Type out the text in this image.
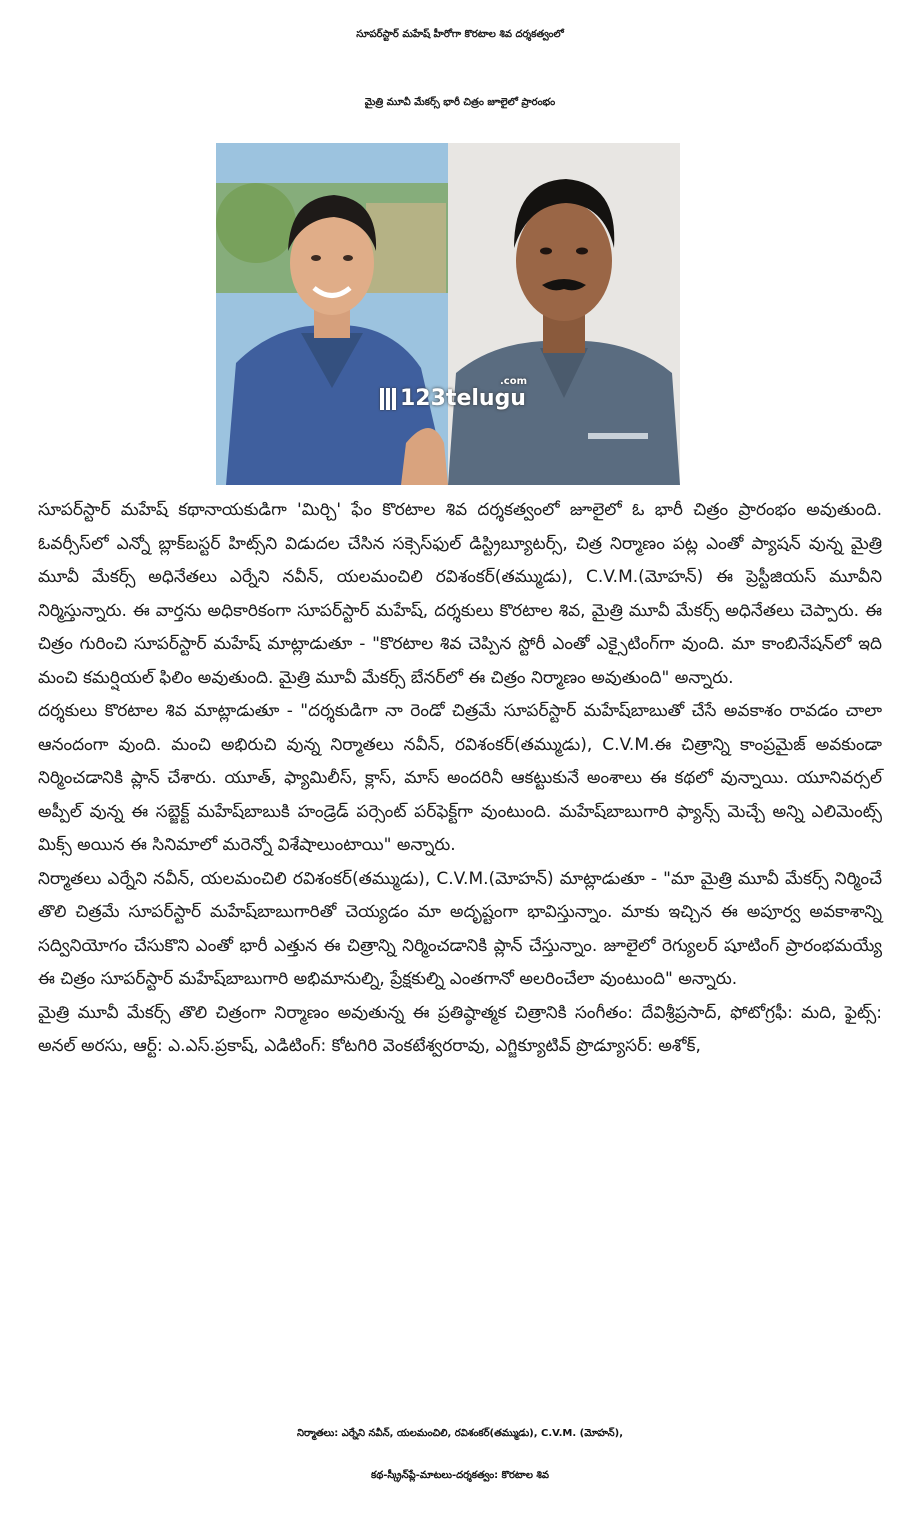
సూపర్‌స్టార్ మహేష్ హీరోగా కొరటాల శివ దర్శకత్వంలో
మైత్రి మూవీ మేకర్స్ భారీ చిత్రం జూలైలో ప్రారంభం
123telugu
.com

సూపర్‌స్టార్ మహేష్ కథానాయకుడిగా 'మిర్చి' ఫేం కొరటాల శివ దర్శకత్వంలో జూలైలో ఓ భారీ చిత్రం ప్రారంభం అవుతుంది. ఓవర్సీస్‌లో ఎన్నో బ్లాక్‌బస్టర్ హిట్స్‌ని విడుదల చేసిన సక్సెస్‌ఫుల్ డిస్ట్రిబ్యూటర్స్, చిత్ర నిర్మాణం పట్ల ఎంతో ప్యాషన్ వున్న మైత్రి మూవీ మేకర్స్ అధినేతలు ఎర్నేని నవీన్, యలమంచిలి రవిశంకర్(తమ్ముడు), C.V.M.(మోహన్) ఈ ప్రెస్టీజియస్ మూవీని నిర్మిస్తున్నారు. ఈ వార్తను అధికారికంగా సూపర్‌స్టార్ మహేష్, దర్శకులు కొరటాల శివ, మైత్రి మూవీ మేకర్స్ అధినేతలు చెప్పారు. ఈ చిత్రం గురించి సూపర్‌స్టార్ మహేష్ మాట్లాడుతూ - "కొరటాల శివ చెప్పిన స్టోరీ ఎంతో ఎక్సైటింగ్‌గా వుంది. మా కాంబినేషన్‌లో ఇది మంచి కమర్షియల్ ఫిలిం అవుతుంది. మైత్రి మూవీ మేకర్స్ బేనర్‌లో ఈ చిత్రం నిర్మాణం అవుతుంది" అన్నారు.

దర్శకులు కొరటాల శివ మాట్లాడుతూ - "దర్శకుడిగా నా రెండో చిత్రమే సూపర్‌స్టార్ మహేష్‌బాబుతో చేసే అవకాశం రావడం చాలా ఆనందంగా వుంది. మంచి అభిరుచి వున్న నిర్మాతలు నవీన్, రవిశంకర్(తమ్ముడు), C.V.M.ఈ చిత్రాన్ని కాంప్రమైజ్ అవకుండా నిర్మించడానికి ప్లాన్ చేశారు. యూత్, ఫ్యామిలీస్, క్లాస్, మాస్ అందరినీ ఆకట్టుకునే అంశాలు ఈ కథలో వున్నాయి. యూనివర్సల్ అప్పీల్ వున్న ఈ సబ్జెక్ట్ మహేష్‌బాబుకి హండ్రెడ్ పర్సెంట్ పర్‌ఫెక్ట్‌గా వుంటుంది. మహేష్‌బాబుగారి ఫ్యాన్స్ మెచ్చే అన్ని ఎలిమెంట్స్ మిక్స్ అయిన ఈ సినిమాలో మరెన్నో విశేషాలుంటాయి" అన్నారు.

నిర్మాతలు ఎర్నేని నవీన్, యలమంచిలి రవిశంకర్(తమ్ముడు), C.V.M.(మోహన్) మాట్లాడుతూ - "మా మైత్రి మూవీ మేకర్స్ నిర్మించే తొలి చిత్రమే సూపర్‌స్టార్ మహేష్‌బాబుగారితో చెయ్యడం మా అదృష్టంగా భావిస్తున్నాం. మాకు ఇచ్చిన ఈ అపూర్వ అవకాశాన్ని సద్వినియోగం చేసుకొని ఎంతో భారీ ఎత్తున ఈ చిత్రాన్ని నిర్మించడానికి ప్లాన్ చేస్తున్నాం. జూలైలో రెగ్యులర్ షూటింగ్ ప్రారంభమయ్యే ఈ చిత్రం సూపర్‌స్టార్ మహేష్‌బాబుగారి అభిమానుల్ని, ప్రేక్షకుల్ని ఎంతగానో అలరించేలా వుంటుంది" అన్నారు.

మైత్రి మూవీ మేకర్స్ తొలి చిత్రంగా నిర్మాణం అవుతున్న ఈ ప్రతిష్ఠాత్మక చిత్రానికి సంగీతం: దేవిశ్రీప్రసాద్, ఫోటోగ్రఫీ: మది, ఫైట్స్: అనల్ అరసు, ఆర్ట్: ఎ.ఎస్.ప్రకాష్, ఎడిటింగ్: కోటగిరి వెంకటేశ్వరరావు, ఎగ్జిక్యూటివ్ ప్రొడ్యూసర్: అశోక్,

నిర్మాతలు: ఎర్నేని నవీన్, యలమంచిలి, రవిశంకర్(తమ్ముడు), C.V.M. (మోహన్),
కథ-స్క్రీన్‌ప్లే-మాటలు-దర్శకత్వం: కొరటాల శివ
